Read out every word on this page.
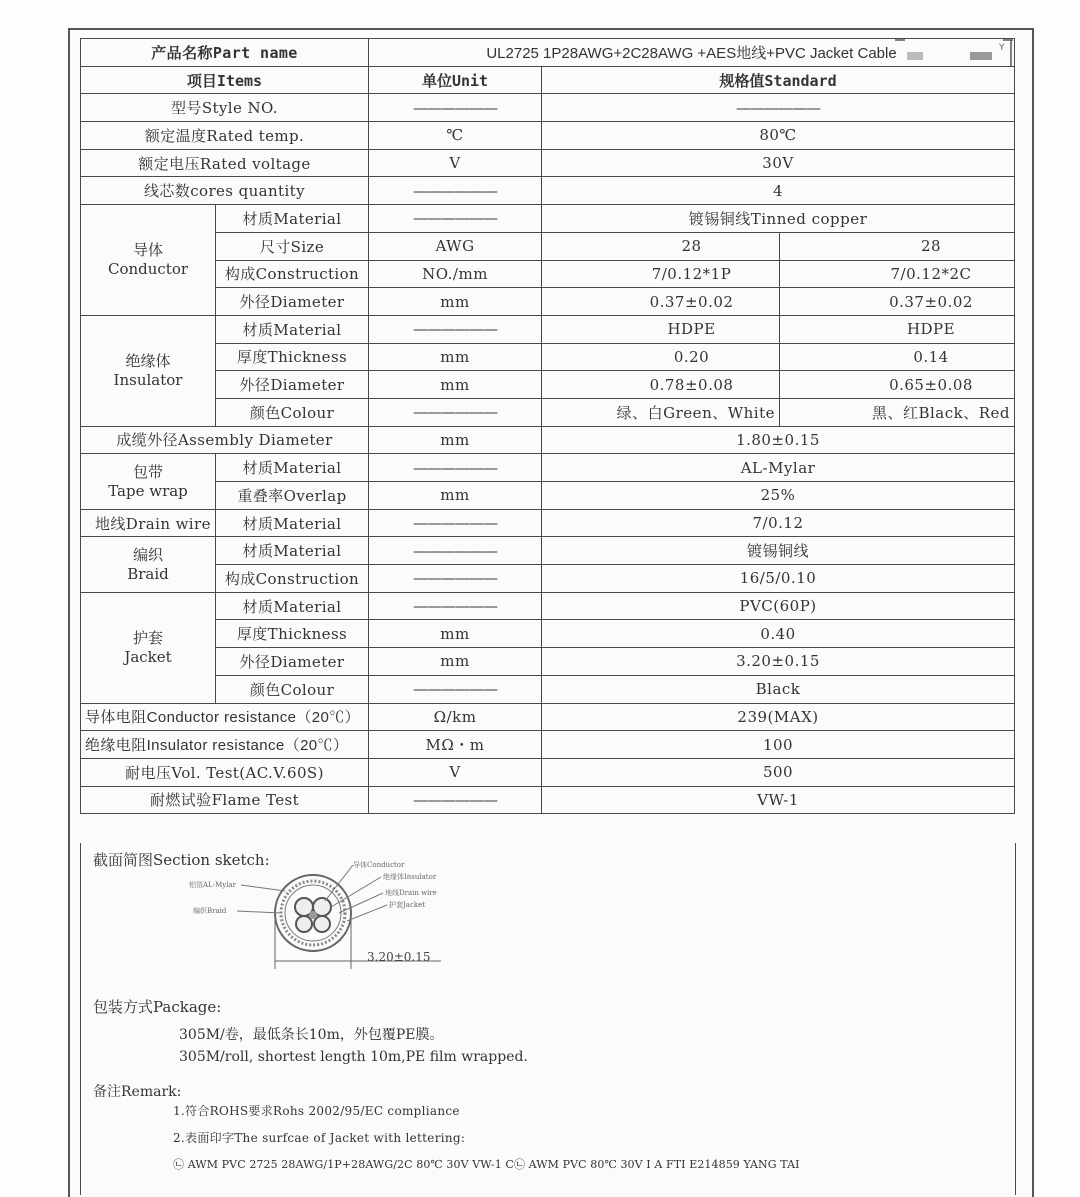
产品名称Part name		UL2725 1P28AWG+2C28AWG +AES地线+PVC Jacket Cable		
项目Items		单位Unit	规格值Standard	
型号Style NO.		——————	——————	
额定温度Rated temp.		℃	80℃	
额定电压Rated voltage		V	30V	
线芯数cores quantity		——————	4	

导体
Conductor	材质Material	——————	镀锡铜线Tinned copper	
	尺寸Size	AWG	28	28
	构成Construction	NO./mm	7/0.12*1P	7/0.12*2C
	外径Diameter	mm	0.37±0.02	0.37±0.02

绝缘体
Insulator	材质Material	——————	HDPE	HDPE
	厚度Thickness	mm	0.20	0.14
	外径Diameter	mm	0.78±0.08	0.65±0.08
	颜色Colour	——————	绿、白Green、White	黑、红Black、Red
成缆外径Assembly Diameter		mm	1.80±0.15	

包带
Tape wrap	材质Material	——————	AL-Mylar	
	重叠率Overlap	mm	25%	
地线Drain wire	材质Material	——————	7/0.12	

编织
Braid	材质Material	——————	镀锡铜线	
	构成Construction	——————	16/5/0.10	

护套
Jacket	材质Material	——————	PVC(60P)	
	厚度Thickness	mm	0.40	
	外径Diameter	mm	3.20±0.15	
	颜色Colour	——————	Black	
导体电阻Conductor resistance（20℃）		Ω/km	239(MAX)	
绝缘电阻Insulator resistance（20℃）		MΩ・m	100	
耐电压Vol. Test(AC.V.60S)		V	500	
耐燃试验Flame Test		——————	VW-1	
Y
截面简图Section sketch:	导体Conductor
绝缘体Insulator
地线Drain wire
护套Jacket
铝箔AL-Mylar
编织Braid
3.20±0.15
包装方式Package:
305M/卷，最低条长10m，外包覆PE膜。
305M/roll, shortest length 10m,PE film wrapped.
备注Remark:
1.符合ROHS要求Rohs 2002/95/EC compliance
2.表面印字The surfcae of Jacket with lettering:
㉡ AWM PVC 2725 28AWG/1P+28AWG/2C 80℃ 30V VW-1 C㉡ AWM PVC 80℃ 30V Ⅰ A FTI E214859 YANG TAI
